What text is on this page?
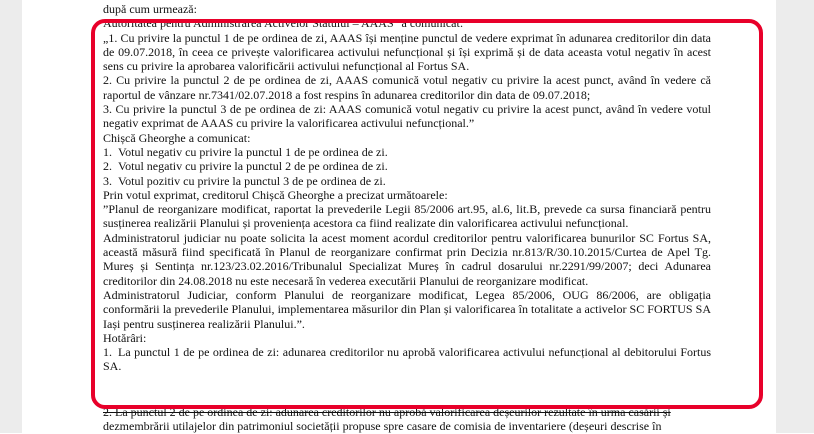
după cum urmează:

Autoritatea pentru Administrarea Activelor Statului – AAAS" a comunicat:

„1. Cu privire la punctul 1 de pe ordinea de zi, AAAS își menține punctul de vedere exprimat în adunarea creditorilor din data de 09.07.2018, în ceea ce privește valorificarea activului nefuncțional și își exprimă și de data aceasta votul negativ în acest sens cu privire la aprobarea valorificării activului nefuncțional al Fortus SA.

2. Cu privire la punctul 2 de pe ordinea de zi, AAAS comunică votul negativ cu privire la acest punct, având în vedere că raportul de vânzare nr.7341/02.07.2018 a fost respins în adunarea creditorilor din data de 09.07.2018;

3. Cu privire la punctul 3 de pe ordinea de zi: AAAS comunică votul negativ cu privire la acest punct, având în vedere votul negativ exprimat de AAAS cu privire la valorificarea activului nefuncțional.”

Chișcă Gheorghe a comunicat:

1. Votul negativ cu privire la punctul 1 de pe ordinea de zi.

2. Votul negativ cu privire la punctul 2 de pe ordinea de zi.

3. Votul pozitiv cu privire la punctul 3 de pe ordinea de zi.

Prin votul exprimat, creditorul Chișcă Gheorghe a precizat următoarele:

”Planul de reorganizare modificat, raportat la prevederile Legii 85/2006 art.95, al.6, lit.B, prevede ca sursa financiară pentru susținerea realizării Planului și proveniența acestora ca fiind realizate din valorificarea activului nefuncțional.

Administratorul judiciar nu poate solicita la acest moment acordul creditorilor pentru valorificarea bunurilor SC Fortus SA, această măsură fiind specificată în Planul de reorganizare confirmat prin Decizia nr.813/R/30.10.2015/Curtea de Apel Tg. Mureș și Sentința nr.123/23.02.2016/Tribunalul Specializat Mureș în cadrul dosarului nr.2291/99/2007; deci Adunarea creditorilor din 24.08.2018 nu este necesară în vederea executării Planului de reorganizare modificat.

Administratorul Judiciar, conform Planului de reorganizare modificat, Legea 85/2006, OUG 86/2006, are obligația conformării la prevederile Planului, implementarea măsurilor din Plan și valorificarea în totalitate a activelor SC FORTUS SA Iași pentru susținerea realizării Planului.”.

Hotărâri:

1. La punctul 1 de pe ordinea de zi: adunarea creditorilor nu aprobă valorificarea activului nefuncțional al debitorului Fortus SA.

2. La punctul 2 de pe ordinea de zi: adunarea creditorilor nu aprobă valorificarea deșeurilor rezultate în urma casării și

dezmembrării utilajelor din patrimoniul societății propuse spre casare de comisia de inventariere (deșeuri descrise în
